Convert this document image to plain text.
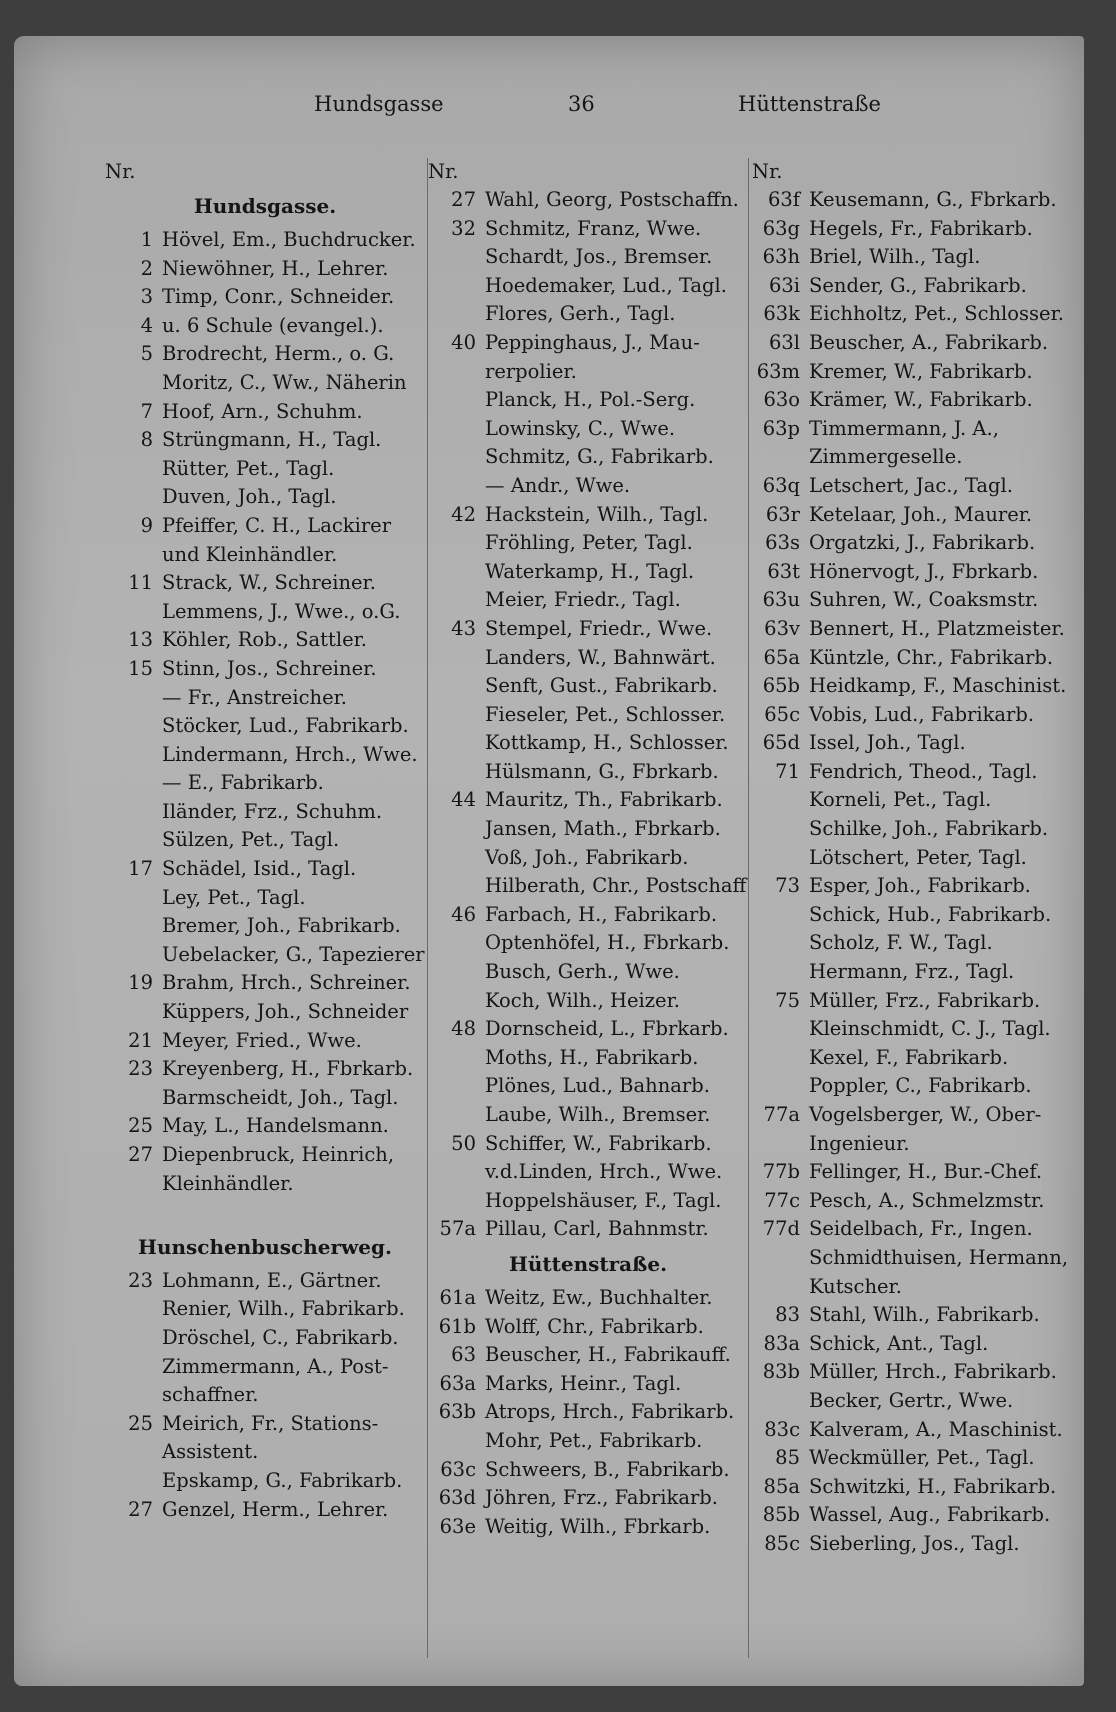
Hundsgasse	36	Hüttenstraße
Nr.
Hundsgasse.
1 Hövel, Em., Buchdrucker.
2 Niewöhner, H., Lehrer.
3 Timp, Conr., Schneider.
4 u. 6 Schule (evangel.).
5 Brodrecht, Herm., o. G.
Moritz, C., Ww., Näherin
7 Hoof, Arn., Schuhm.
8 Strüngmann, H., Tagl.
Rütter, Pet., Tagl.
Duven, Joh., Tagl.
9 Pfeiffer, C. H., Lackirer
und Kleinhändler.
11 Strack, W., Schreiner.
Lemmens, J., Wwe., o.G.
13 Köhler, Rob., Sattler.
15 Stinn, Jos., Schreiner.
— Fr., Anstreicher.
Stöcker, Lud., Fabrikarb.
Lindermann, Hrch., Wwe.
— E., Fabrikarb.
Iländer, Frz., Schuhm.
Sülzen, Pet., Tagl.
17 Schädel, Isid., Tagl.
Ley, Pet., Tagl.
Bremer, Joh., Fabrikarb.
Uebelacker, G., Tapezierer
19 Brahm, Hrch., Schreiner.
Küppers, Joh., Schneider
21 Meyer, Fried., Wwe.
23 Kreyenberg, H., Fbrkarb.
Barmscheidt, Joh., Tagl.
25 May, L., Handelsmann.
27 Diepenbruck, Heinrich,
Kleinhändler.
Hunschenbuscherweg.
23 Lohmann, E., Gärtner.
Renier, Wilh., Fabrikarb.
Dröschel, C., Fabrikarb.
Zimmermann, A., Post-
schaffner.
25 Meirich, Fr., Stations-
Assistent.
Epskamp, G., Fabrikarb.
27 Genzel, Herm., Lehrer.
Nr.
27 Wahl, Georg, Postschaffn.
32 Schmitz, Franz, Wwe.
Schardt, Jos., Bremser.
Hoedemaker, Lud., Tagl.
Flores, Gerh., Tagl.
40 Peppinghaus, J., Mau-
rerpolier.
Planck, H., Pol.-Serg.
Lowinsky, C., Wwe.
Schmitz, G., Fabrikarb.
— Andr., Wwe.
42 Hackstein, Wilh., Tagl.
Fröhling, Peter, Tagl.
Waterkamp, H., Tagl.
Meier, Friedr., Tagl.
43 Stempel, Friedr., Wwe.
Landers, W., Bahnwärt.
Senft, Gust., Fabrikarb.
Fieseler, Pet., Schlosser.
Kottkamp, H., Schlosser.
Hülsmann, G., Fbrkarb.
44 Mauritz, Th., Fabrikarb.
Jansen, Math., Fbrkarb.
Voß, Joh., Fabrikarb.
Hilberath, Chr., Postschaff
46 Farbach, H., Fabrikarb.
Optenhöfel, H., Fbrkarb.
Busch, Gerh., Wwe.
Koch, Wilh., Heizer.
48 Dornscheid, L., Fbrkarb.
Moths, H., Fabrikarb.
Plönes, Lud., Bahnarb.
Laube, Wilh., Bremser.
50 Schiffer, W., Fabrikarb.
v.d.Linden, Hrch., Wwe.
Hoppelshäuser, F., Tagl.
57a Pillau, Carl, Bahnmstr.
Hüttenstraße.
61a Weitz, Ew., Buchhalter.
61b Wolff, Chr., Fabrikarb.
63 Beuscher, H., Fabrikauff.
63a Marks, Heinr., Tagl.
63b Atrops, Hrch., Fabrikarb.
Mohr, Pet., Fabrikarb.
63c Schweers, B., Fabrikarb.
63d Jöhren, Frz., Fabrikarb.
63e Weitig, Wilh., Fbrkarb.
Nr.
63f Keusemann, G., Fbrkarb.
63g Hegels, Fr., Fabrikarb.
63h Briel, Wilh., Tagl.
63i Sender, G., Fabrikarb.
63k Eichholtz, Pet., Schlosser.
63l Beuscher, A., Fabrikarb.
63m Kremer, W., Fabrikarb.
63o Krämer, W., Fabrikarb.
63p Timmermann, J. A.,
Zimmergeselle.
63q Letschert, Jac., Tagl.
63r Ketelaar, Joh., Maurer.
63s Orgatzki, J., Fabrikarb.
63t Hönervogt, J., Fbrkarb.
63u Suhren, W., Coaksmstr.
63v Bennert, H., Platzmeister.
65a Küntzle, Chr., Fabrikarb.
65b Heidkamp, F., Maschinist.
65c Vobis, Lud., Fabrikarb.
65d Issel, Joh., Tagl.
71 Fendrich, Theod., Tagl.
Korneli, Pet., Tagl.
Schilke, Joh., Fabrikarb.
Lötschert, Peter, Tagl.
73 Esper, Joh., Fabrikarb.
Schick, Hub., Fabrikarb.
Scholz, F. W., Tagl.
Hermann, Frz., Tagl.
75 Müller, Frz., Fabrikarb.
Kleinschmidt, C. J., Tagl.
Kexel, F., Fabrikarb.
Poppler, C., Fabrikarb.
77a Vogelsberger, W., Ober-
Ingenieur.
77b Fellinger, H., Bur.-Chef.
77c Pesch, A., Schmelzmstr.
77d Seidelbach, Fr., Ingen.
Schmidthuisen, Hermann,
Kutscher.
83 Stahl, Wilh., Fabrikarb.
83a Schick, Ant., Tagl.
83b Müller, Hrch., Fabrikarb.
Becker, Gertr., Wwe.
83c Kalveram, A., Maschinist.
85 Weckmüller, Pet., Tagl.
85a Schwitzki, H., Fabrikarb.
85b Wassel, Aug., Fabrikarb.
85c Sieberling, Jos., Tagl.
